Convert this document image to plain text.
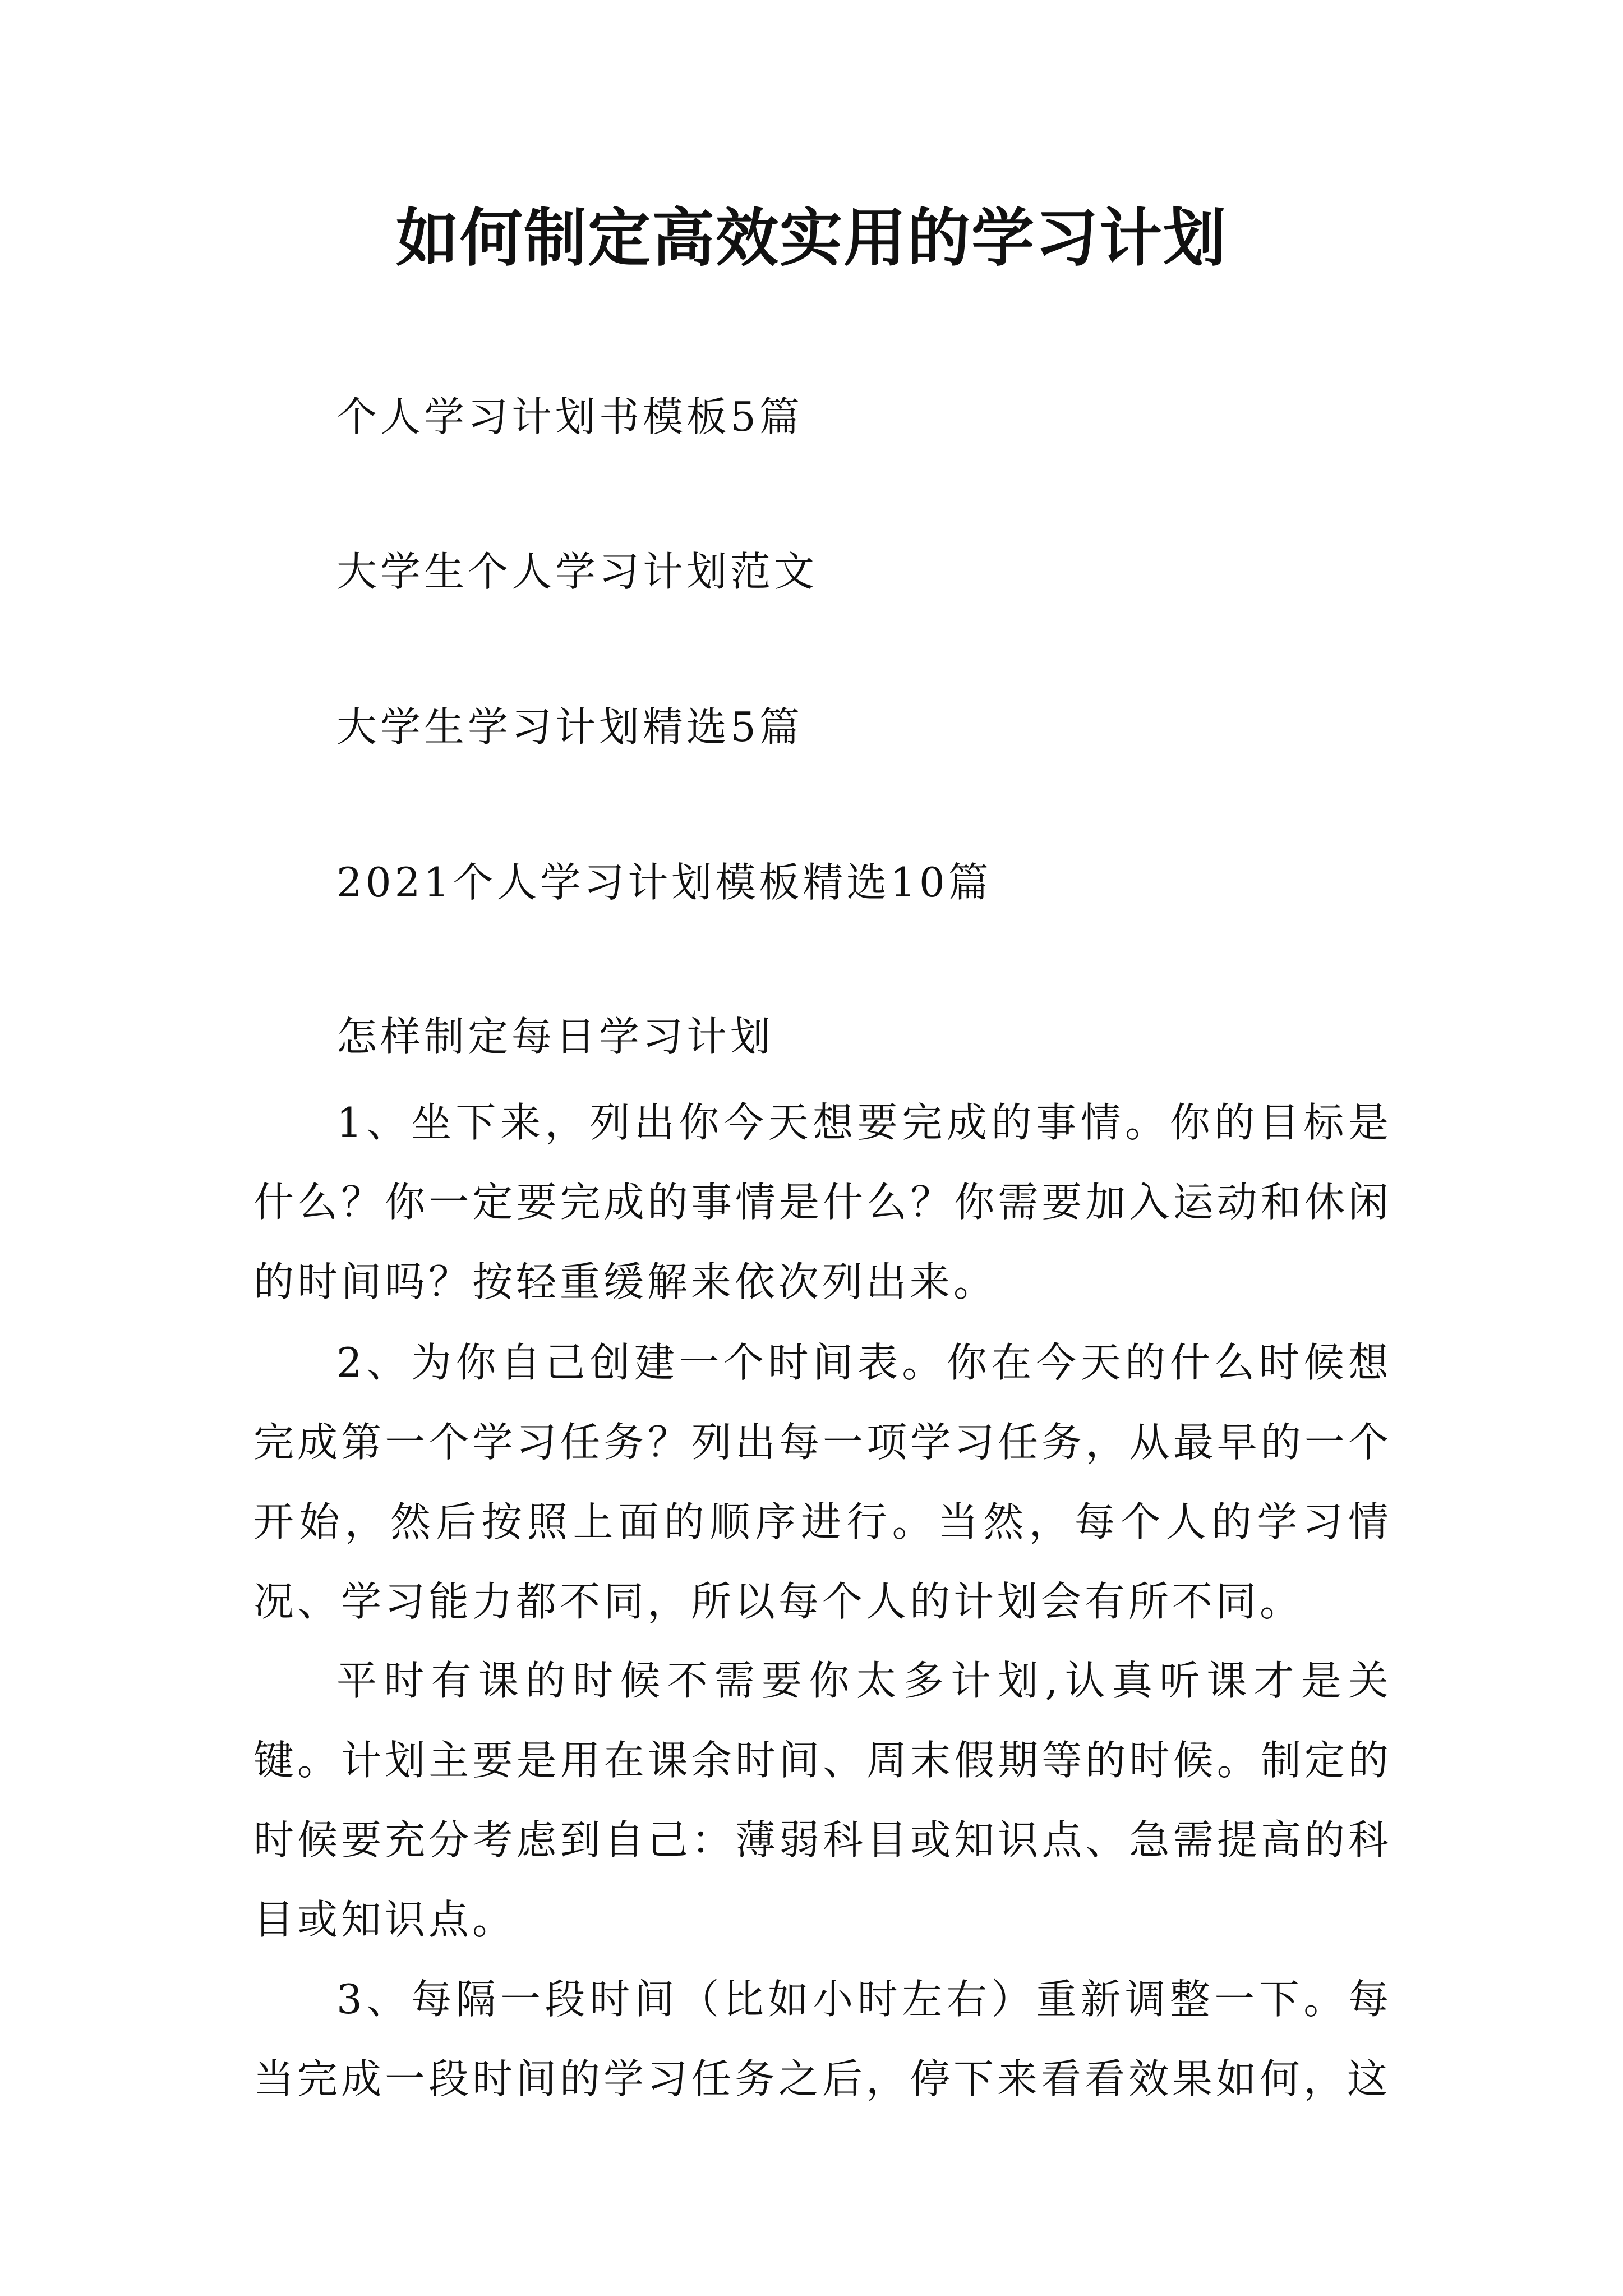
如何制定高效实用的学习计划
个人学习计划书模板5篇
大学生个人学习计划范文
大学生学习计划精选5篇
2021个人学习计划模板精选10篇
怎样制定每日学习计划

1、坐下来，列出你今天想要完成的事情。你的目标是什么？你一定要完成的事情是什么？你需要加入运动和休闲的时间吗？按轻重缓解来依次列出来。

2、为你自己创建一个时间表。你在今天的什么时候想完成第一个学习任务？列出每一项学习任务，从最早的一个开始，然后按照上面的顺序进行。当然，每个人的学习情况、学习能力都不同，所以每个人的计划会有所不同。

平时有课的时候不需要你太多计划,认真听课才是关键。计划主要是用在课余时间、周末假期等的时候。制定的时候要充分考虑到自己：薄弱科目或知识点、急需提高的科目或知识点。

3、每隔一段时间（比如小时左右）重新调整一下。每当完成一段时间的学习任务之后，停下来看看效果如何，这
